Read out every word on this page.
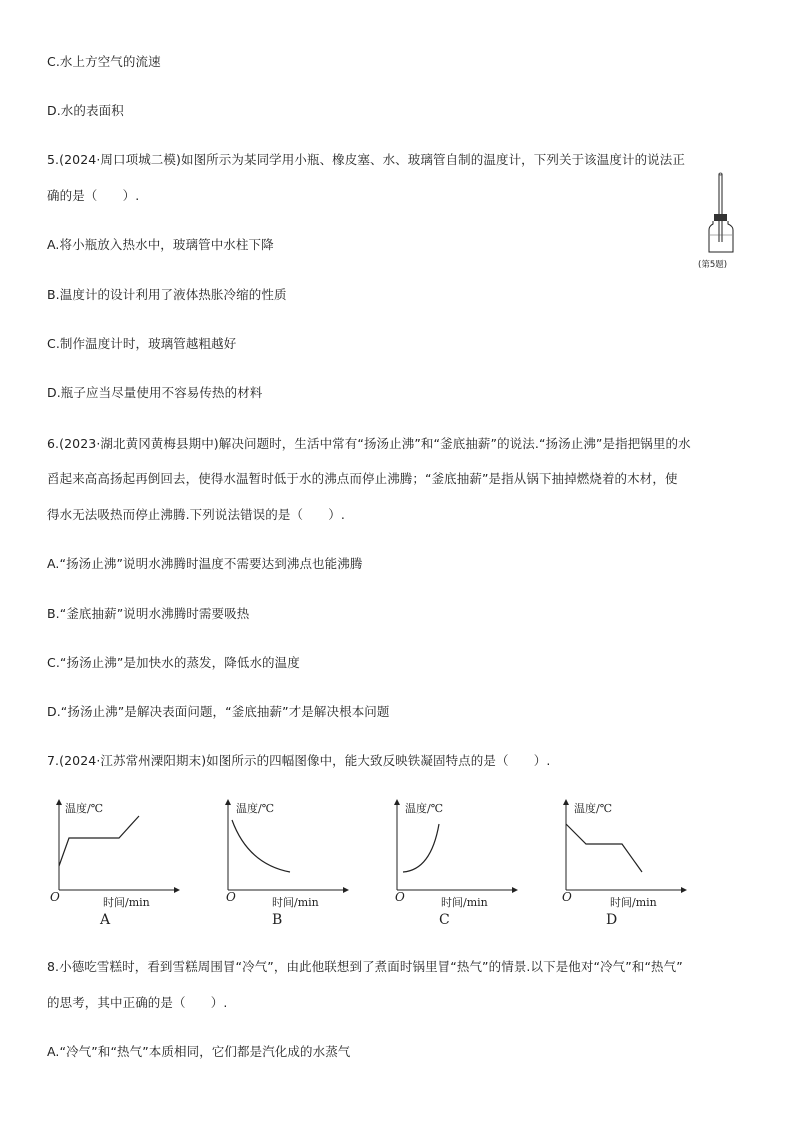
C.水上方空气的流速
D.水的表面积
5.(2024·周口项城二模)如图所示为某同学用小瓶、橡皮塞、水、玻璃管自制的温度计，下列关于该温度计的说法正
确的是（　　）.
A.将小瓶放入热水中，玻璃管中水柱下降
B.温度计的设计利用了液体热胀冷缩的性质
C.制作温度计时，玻璃管越粗越好
D.瓶子应当尽量使用不容易传热的材料
(第5题)
6.(2023·湖北黄冈黄梅县期中)解决问题时，生活中常有“扬汤止沸”和“釜底抽薪”的说法.“扬汤止沸”是指把锅里的水
舀起来高高扬起再倒回去，使得水温暂时低于水的沸点而停止沸腾；“釜底抽薪”是指从锅下抽掉燃烧着的木材，使
得水无法吸热而停止沸腾.下列说法错误的是（　　）.
A.“扬汤止沸”说明水沸腾时温度不需要达到沸点也能沸腾
B.“釜底抽薪”说明水沸腾时需要吸热
C.“扬汤止沸”是加快水的蒸发，降低水的温度
D.“扬汤止沸”是解决表面问题，“釜底抽薪”才是解决根本问题
7.(2024·江苏常州溧阳期末)如图所示的四幅图像中，能大致反映铁凝固特点的是（　　）.
温度/℃
时间/min
O
A
温度/℃
时间/min
O
B
温度/℃
时间/min
O
C
温度/℃
时间/min
O
D
8.小德吃雪糕时，看到雪糕周围冒“冷气”，由此他联想到了煮面时锅里冒“热气”的情景.以下是他对“冷气”和“热气”
的思考，其中正确的是（　　）.
A.“冷气”和“热气”本质相同，它们都是汽化成的水蒸气
